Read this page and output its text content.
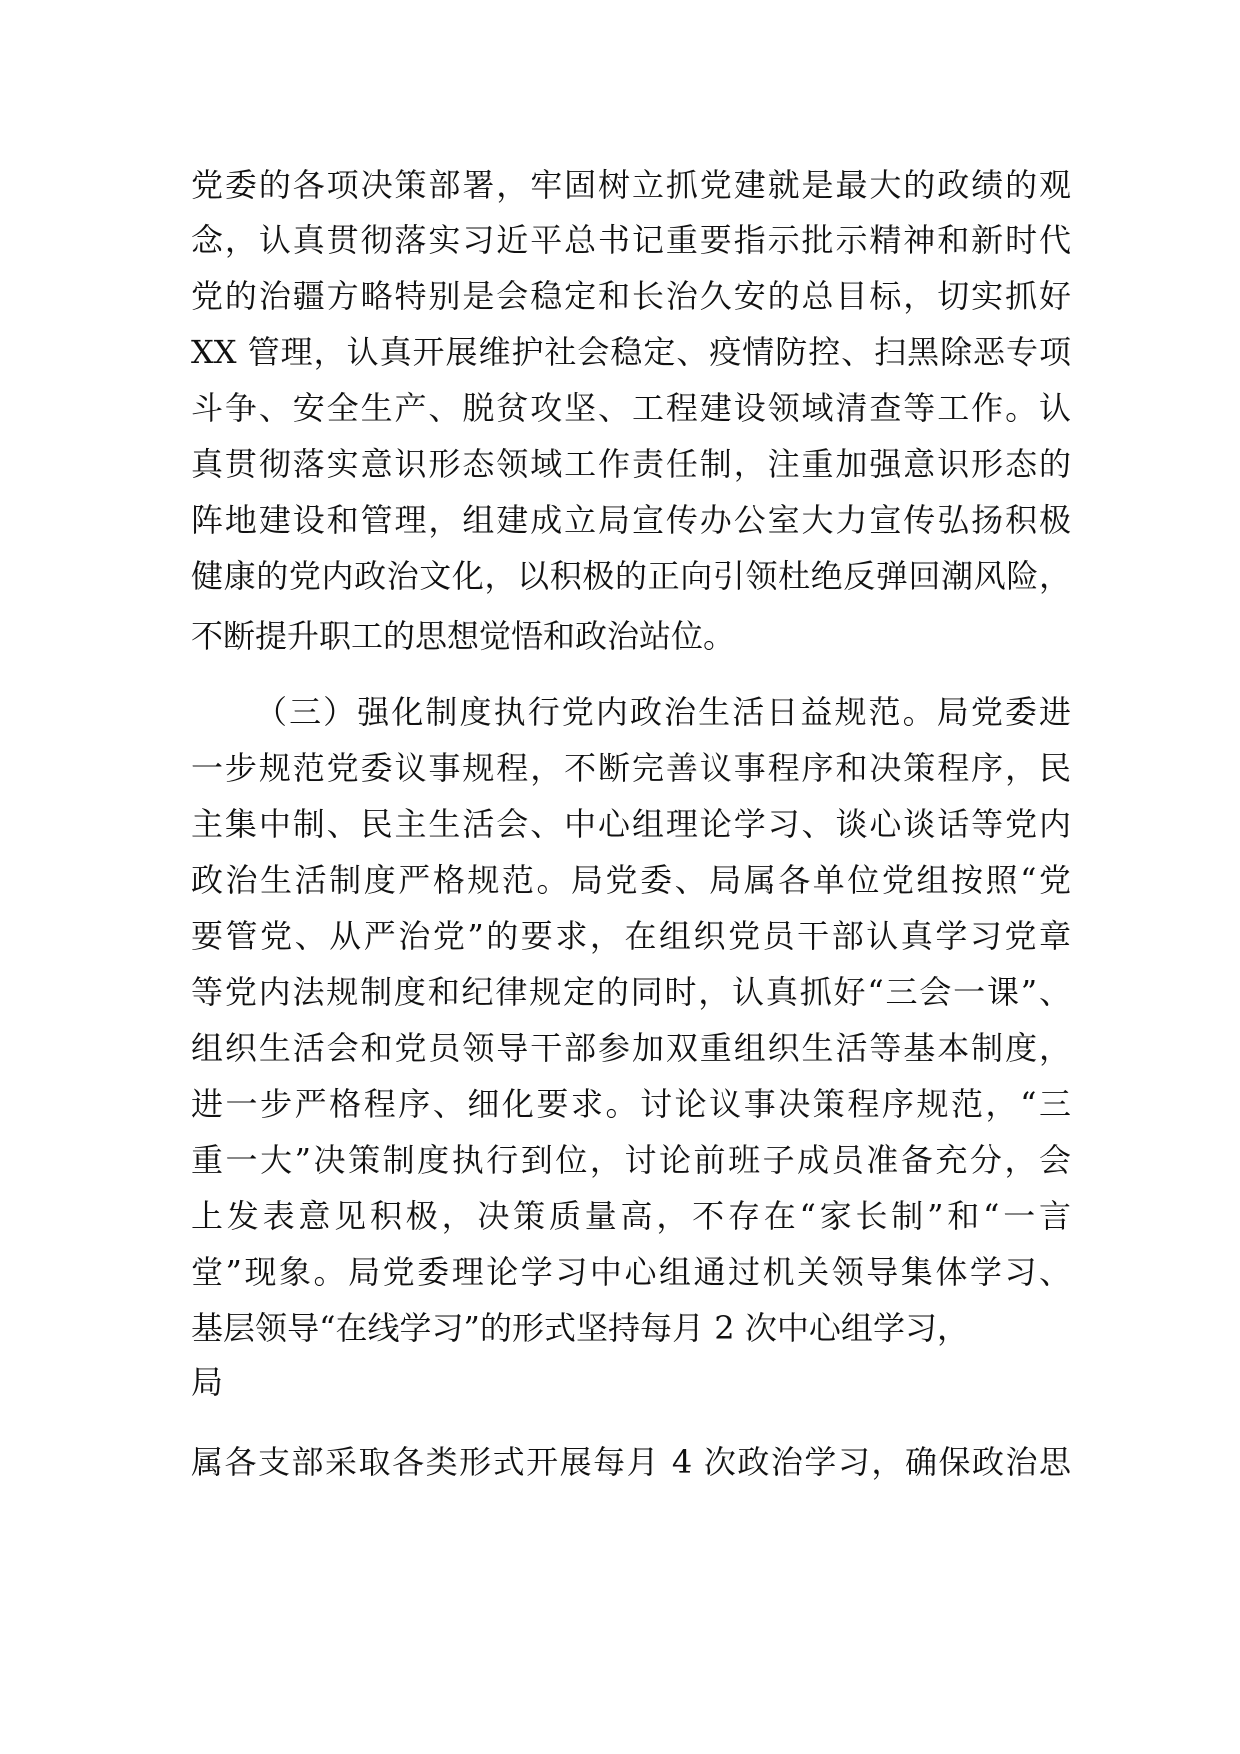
党委的各项决策部署，牢固树立抓党建就是最大的政绩的观
念，认真贯彻落实习近平总书记重要指示批示精神和新时代
党的治疆方略特别是会稳定和长治久安的总目标，切实抓好
XX 管理，认真开展维护社会稳定、疫情防控、扫黑除恶专项
斗争、安全生产、脱贫攻坚、工程建设领域清查等工作。认
真贯彻落实意识形态领域工作责任制，注重加强意识形态的
阵地建设和管理，组建成立局宣传办公室大力宣传弘扬积极
健康的党内政治文化，以积极的正向引领杜绝反弹回潮风险，
不断提升职工的思想觉悟和政治站位。
（三）强化制度执行党内政治生活日益规范。局党委进
一步规范党委议事规程，不断完善议事程序和决策程序，民
主集中制、民主生活会、中心组理论学习、谈心谈话等党内
政治生活制度严格规范。局党委、局属各单位党组按照“党
要管党、从严治党”的要求，在组织党员干部认真学习党章
等党内法规制度和纪律规定的同时，认真抓好“三会一课”、
组织生活会和党员领导干部参加双重组织生活等基本制度，
进一步严格程序、细化要求。讨论议事决策程序规范，“三
重一大”决策制度执行到位，讨论前班子成员准备充分，会
上发表意见积极，决策质量高，不存在“家长制”和“一言
堂”现象。局党委理论学习中心组通过机关领导集体学习、
基层领导“在线学习”的形式坚持每月 2 次中心组学习，
局
属各支部采取各类形式开展每月 4 次政治学习，确保政治思
